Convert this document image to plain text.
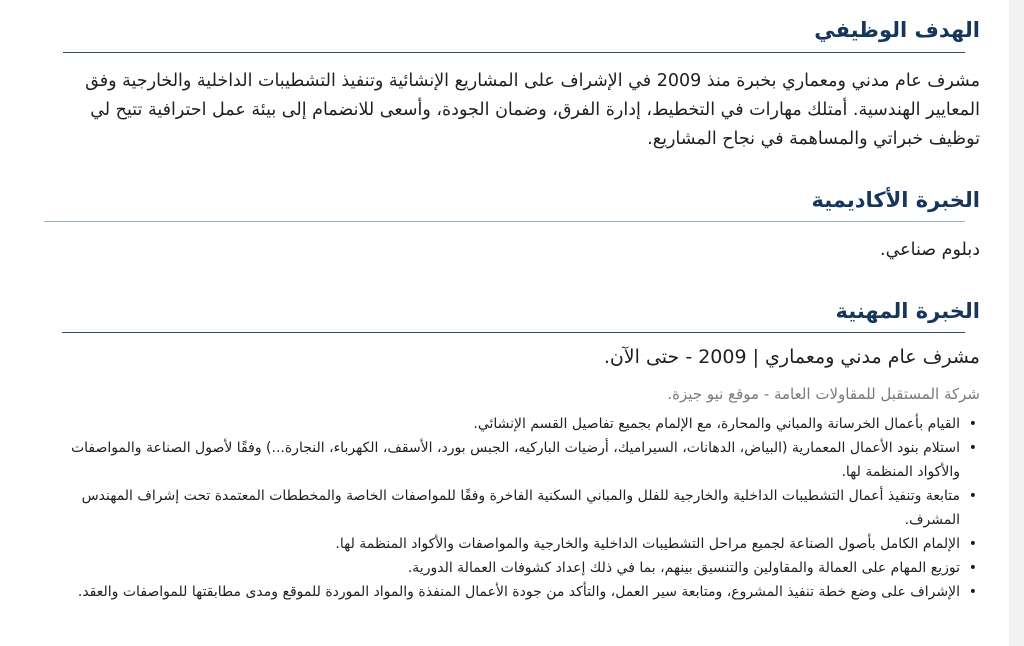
الهدف الوظيفي

مشرف عام مدني ومعماري بخبرة منذ 2009 في الإشراف على المشاريع الإنشائية وتنفيذ التشطيبات الداخلية والخارجية وفق المعايير الهندسية. أمتلك مهارات في التخطيط، إدارة الفرق، وضمان الجودة، وأسعى للانضمام إلى بيئة عمل احترافية تتيح لي توظيف خبراتي والمساهمة في نجاح المشاريع.

الخبرة الأكاديمية

دبلوم صناعي.

الخبرة المهنية

مشرف عام مدني ومعماري | 2009 - حتى الآن.

شركة المستقبل للمقاولات العامة - موقع نيو جيزة.

•
القيام بأعمال الخرسانة والمباني والمحارة، مع الإلمام بجميع تفاصيل القسم الإنشائي.
•
استلام بنود الأعمال المعمارية (البياض، الدهانات، السيراميك، أرضيات الباركيه، الجبس بورد، الأسقف، الكهرباء، النجارة...) وفقًا لأصول الصناعة والمواصفات والأكواد المنظمة لها.
•
متابعة وتنفيذ أعمال التشطيبات الداخلية والخارجية للفلل والمباني السكنية الفاخرة وفقًا للمواصفات الخاصة والمخططات المعتمدة تحت إشراف المهندس المشرف.
•
الإلمام الكامل بأصول الصناعة لجميع مراحل التشطيبات الداخلية والخارجية والمواصفات والأكواد المنظمة لها.
•
توزيع المهام على العمالة والمقاولين والتنسيق بينهم، بما في ذلك إعداد كشوفات العمالة الدورية.
•
الإشراف على وضع خطة تنفيذ المشروع، ومتابعة سير العمل، والتأكد من جودة الأعمال المنفذة والمواد الموردة للموقع ومدى مطابقتها للمواصفات والعقد.
